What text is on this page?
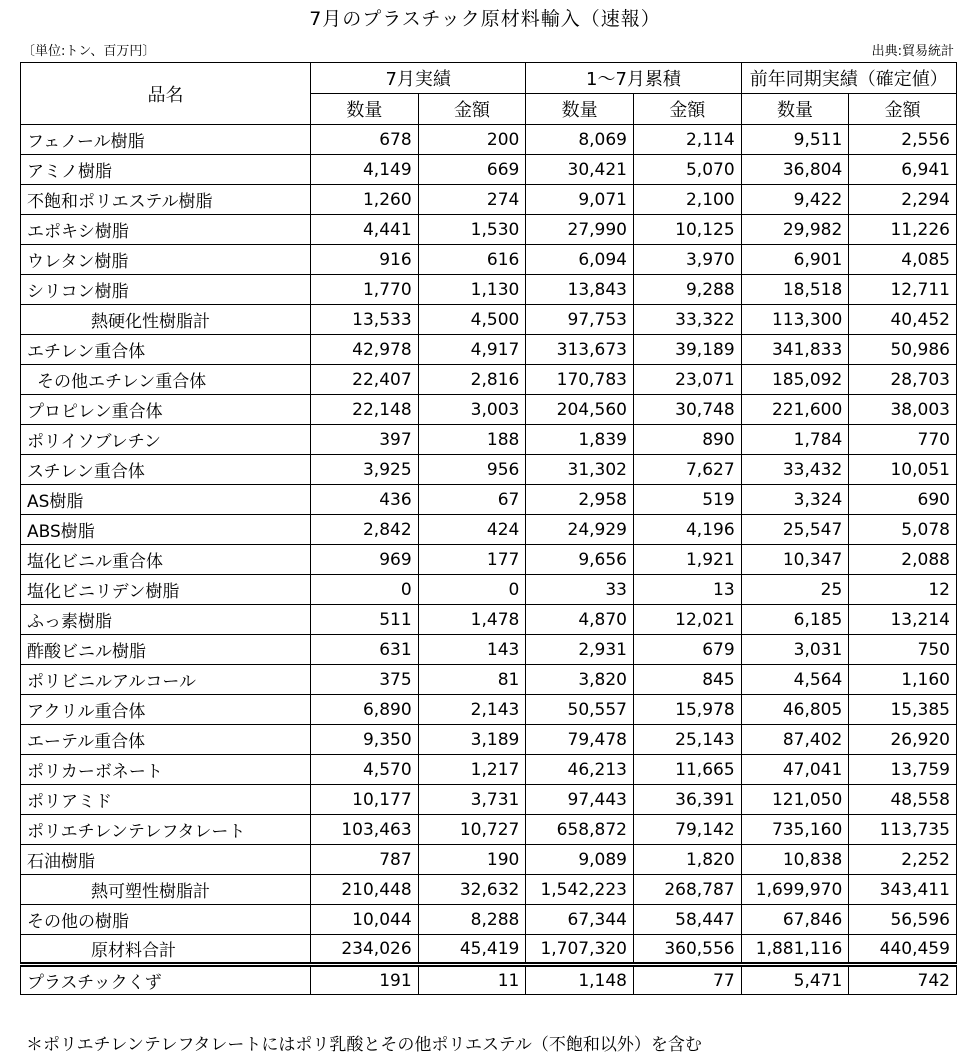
7月のプラスチック原材料輸入（速報）
〔単位:トン、百万円〕	出典:貿易統計
品名	7月実績		1～7月累積		前年同期実績（確定値）	
	数量	金額	数量	金額	数量	金額
フェノール樹脂	678	200	8,069	2,114	9,511	2,556
アミノ樹脂	4,149	669	30,421	5,070	36,804	6,941
不飽和ポリエステル樹脂	1,260	274	9,071	2,100	9,422	2,294
エポキシ樹脂	4,441	1,530	27,990	10,125	29,982	11,226
ウレタン樹脂	916	616	6,094	3,970	6,901	4,085
シリコン樹脂	1,770	1,130	13,843	9,288	18,518	12,711
熱硬化性樹脂計	13,533	4,500	97,753	33,322	113,300	40,452
エチレン重合体	42,978	4,917	313,673	39,189	341,833	50,986
その他エチレン重合体	22,407	2,816	170,783	23,071	185,092	28,703
プロピレン重合体	22,148	3,003	204,560	30,748	221,600	38,003
ポリイソブレチン	397	188	1,839	890	1,784	770
スチレン重合体	3,925	956	31,302	7,627	33,432	10,051
AS樹脂	436	67	2,958	519	3,324	690
ABS樹脂	2,842	424	24,929	4,196	25,547	5,078
塩化ビニル重合体	969	177	9,656	1,921	10,347	2,088
塩化ビニリデン樹脂	0	0	33	13	25	12
ふっ素樹脂	511	1,478	4,870	12,021	6,185	13,214
酢酸ビニル樹脂	631	143	2,931	679	3,031	750
ポリビニルアルコール	375	81	3,820	845	4,564	1,160
アクリル重合体	6,890	2,143	50,557	15,978	46,805	15,385
エーテル重合体	9,350	3,189	79,478	25,143	87,402	26,920
ポリカーボネート	4,570	1,217	46,213	11,665	47,041	13,759
ポリアミド	10,177	3,731	97,443	36,391	121,050	48,558
ポリエチレンテレフタレート	103,463	10,727	658,872	79,142	735,160	113,735
石油樹脂	787	190	9,089	1,820	10,838	2,252
熱可塑性樹脂計	210,448	32,632	1,542,223	268,787	1,699,970	343,411
その他の樹脂	10,044	8,288	67,344	58,447	67,846	56,596
原材料合計	234,026	45,419	1,707,320	360,556	1,881,116	440,459
プラスチックくず	191	11	1,148	77	5,471	742
＊ポリエチレンテレフタレートにはポリ乳酸とその他ポリエステル（不飽和以外）を含む
